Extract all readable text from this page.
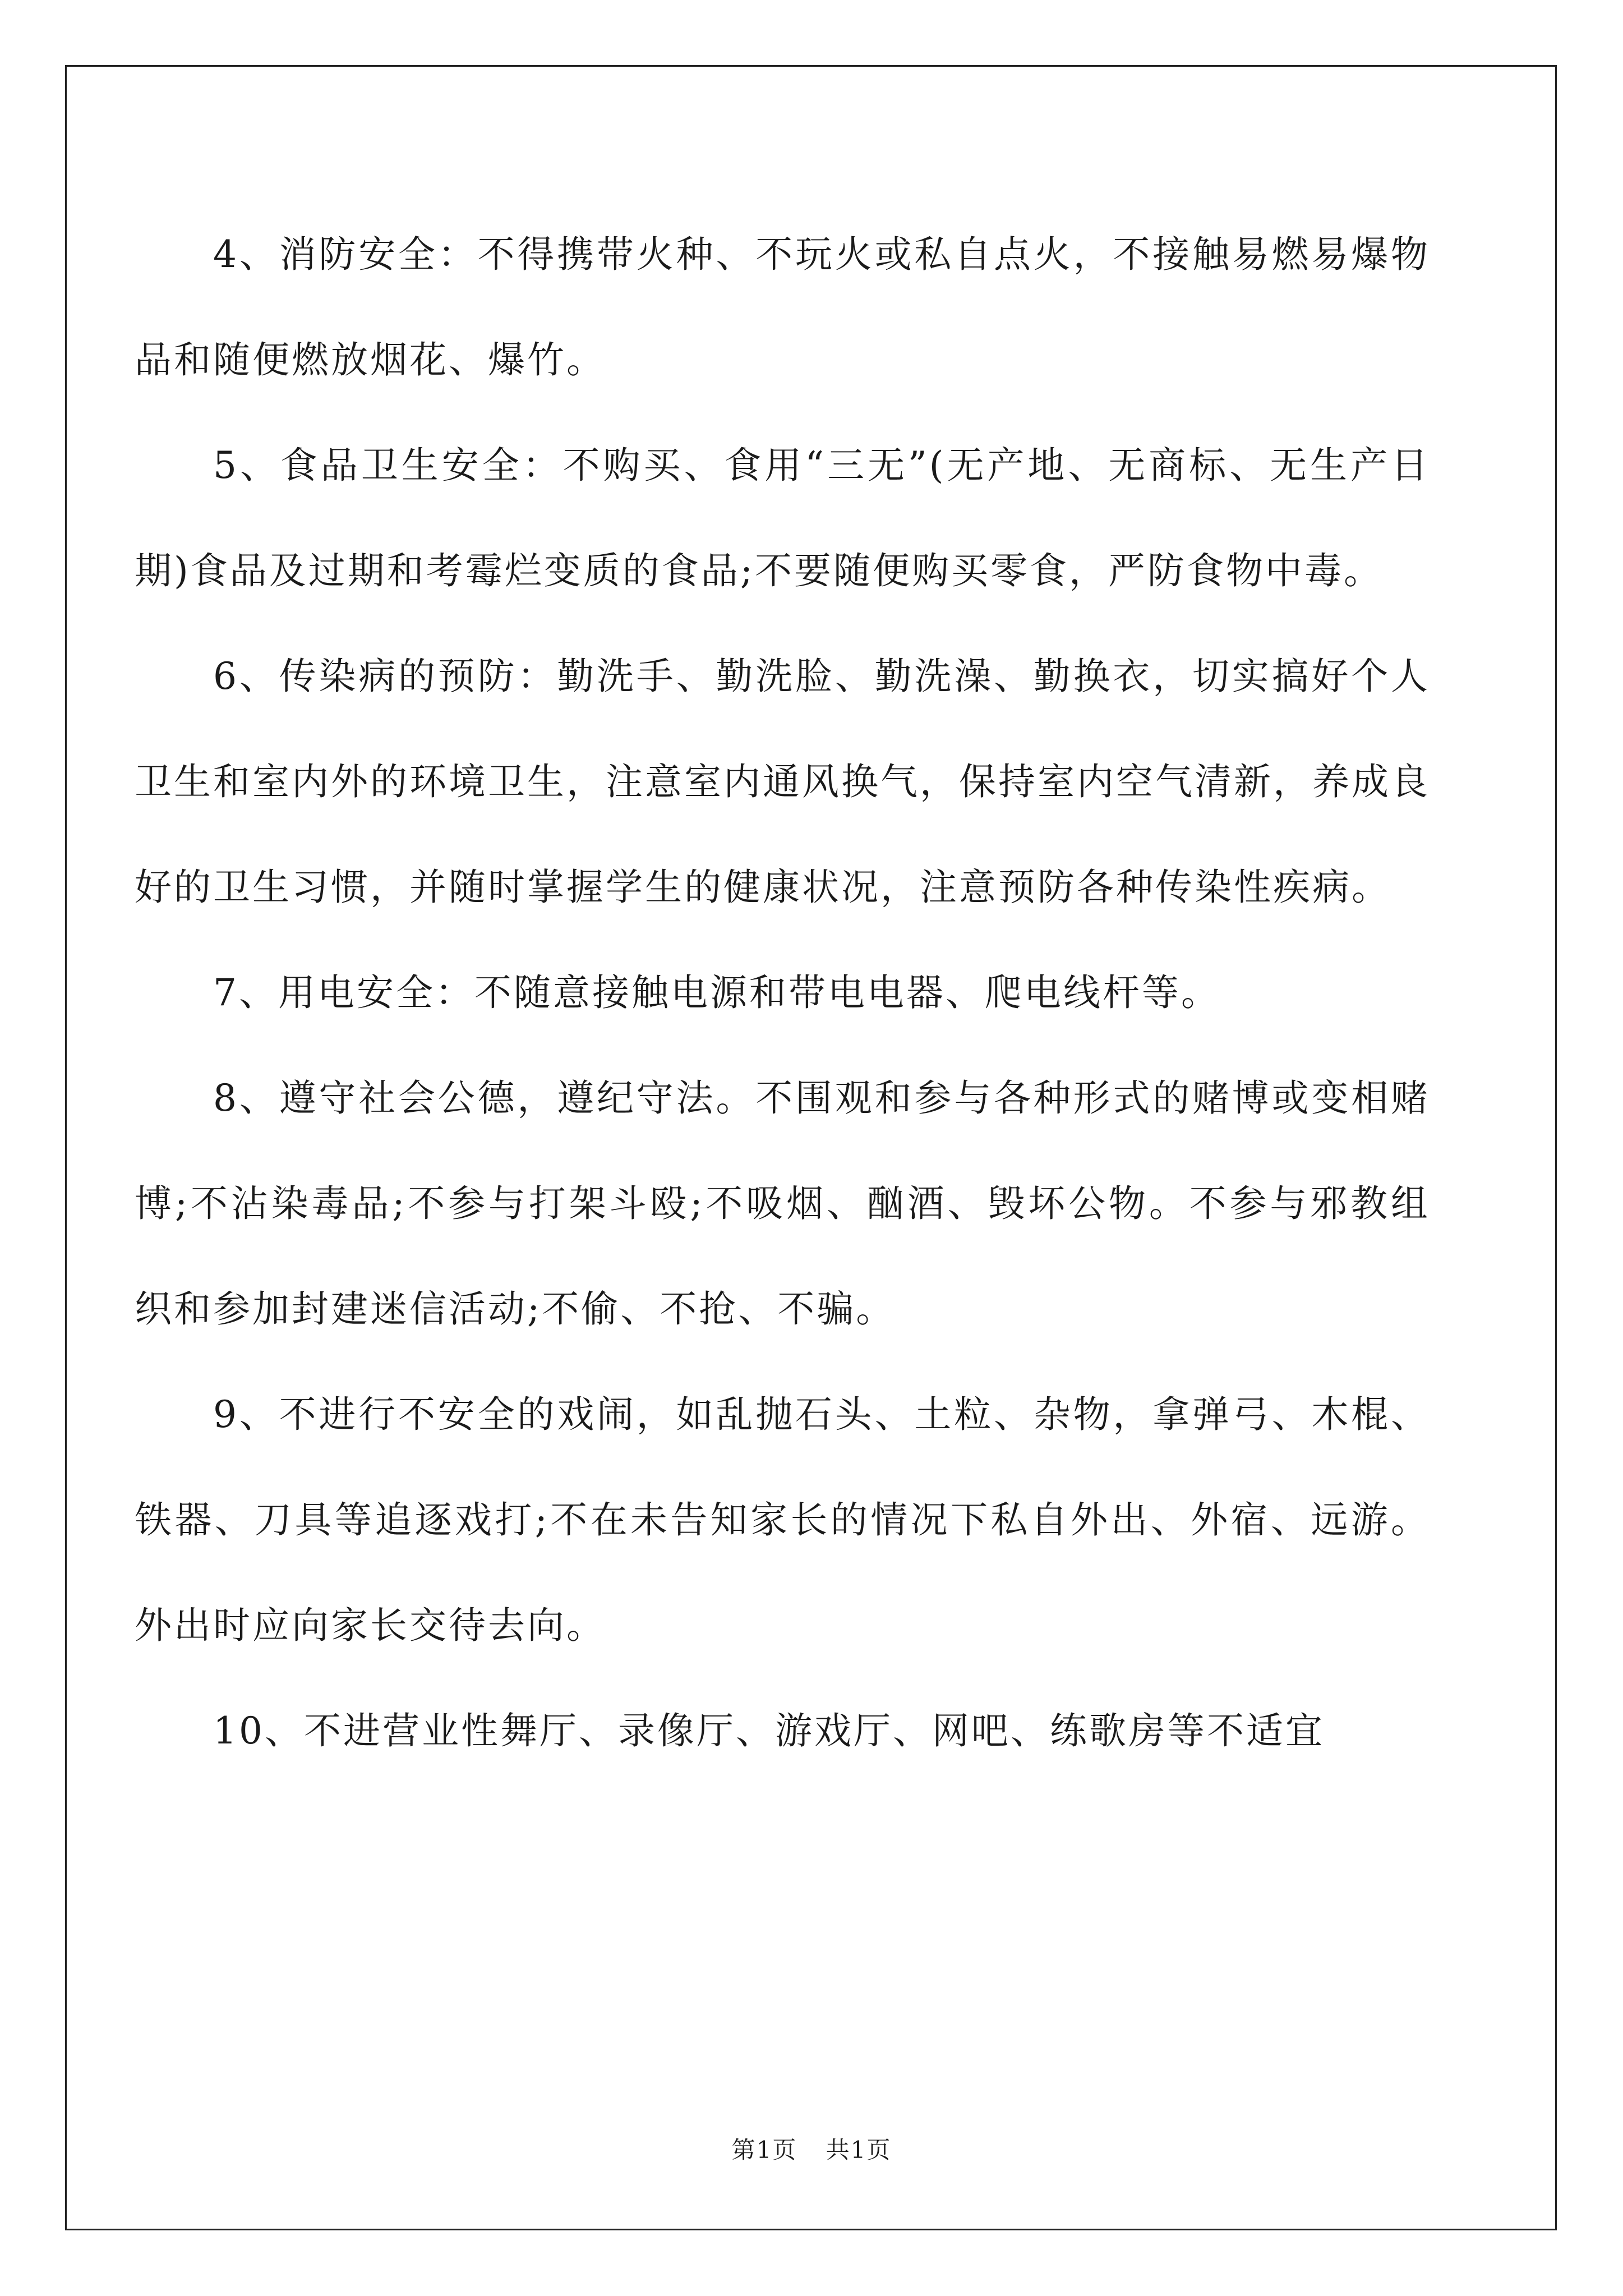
4、消防安全：不得携带火种、不玩火或私自点火，不接触易燃易爆物品和随便燃放烟花、爆竹。

5、食品卫生安全：不购买、食用“三无”(无产地、无商标、无生产日期)食品及过期和考霉烂变质的食品;不要随便购买零食，严防食物中毒。

6、传染病的预防：勤洗手、勤洗脸、勤洗澡、勤换衣，切实搞好个人卫生和室内外的环境卫生，注意室内通风换气，保持室内空气清新，养成良好的卫生习惯，并随时掌握学生的健康状况，注意预防各种传染性疾病。

7、用电安全：不随意接触电源和带电电器、爬电线杆等。

8、遵守社会公德，遵纪守法。不围观和参与各种形式的赌博或变相赌博;不沾染毒品;不参与打架斗殴;不吸烟、酗酒、毁坏公物。不参与邪教组织和参加封建迷信活动;不偷、不抢、不骗。

9、不进行不安全的戏闹，如乱抛石头、土粒、杂物，拿弹弓、木棍、铁器、刀具等追逐戏打;不在未告知家长的情况下私自外出、外宿、远游。外出时应向家长交待去向。

10、不进营业性舞厅、录像厅、游戏厅、网吧、练歌房等不适宜

第1页 共1页
